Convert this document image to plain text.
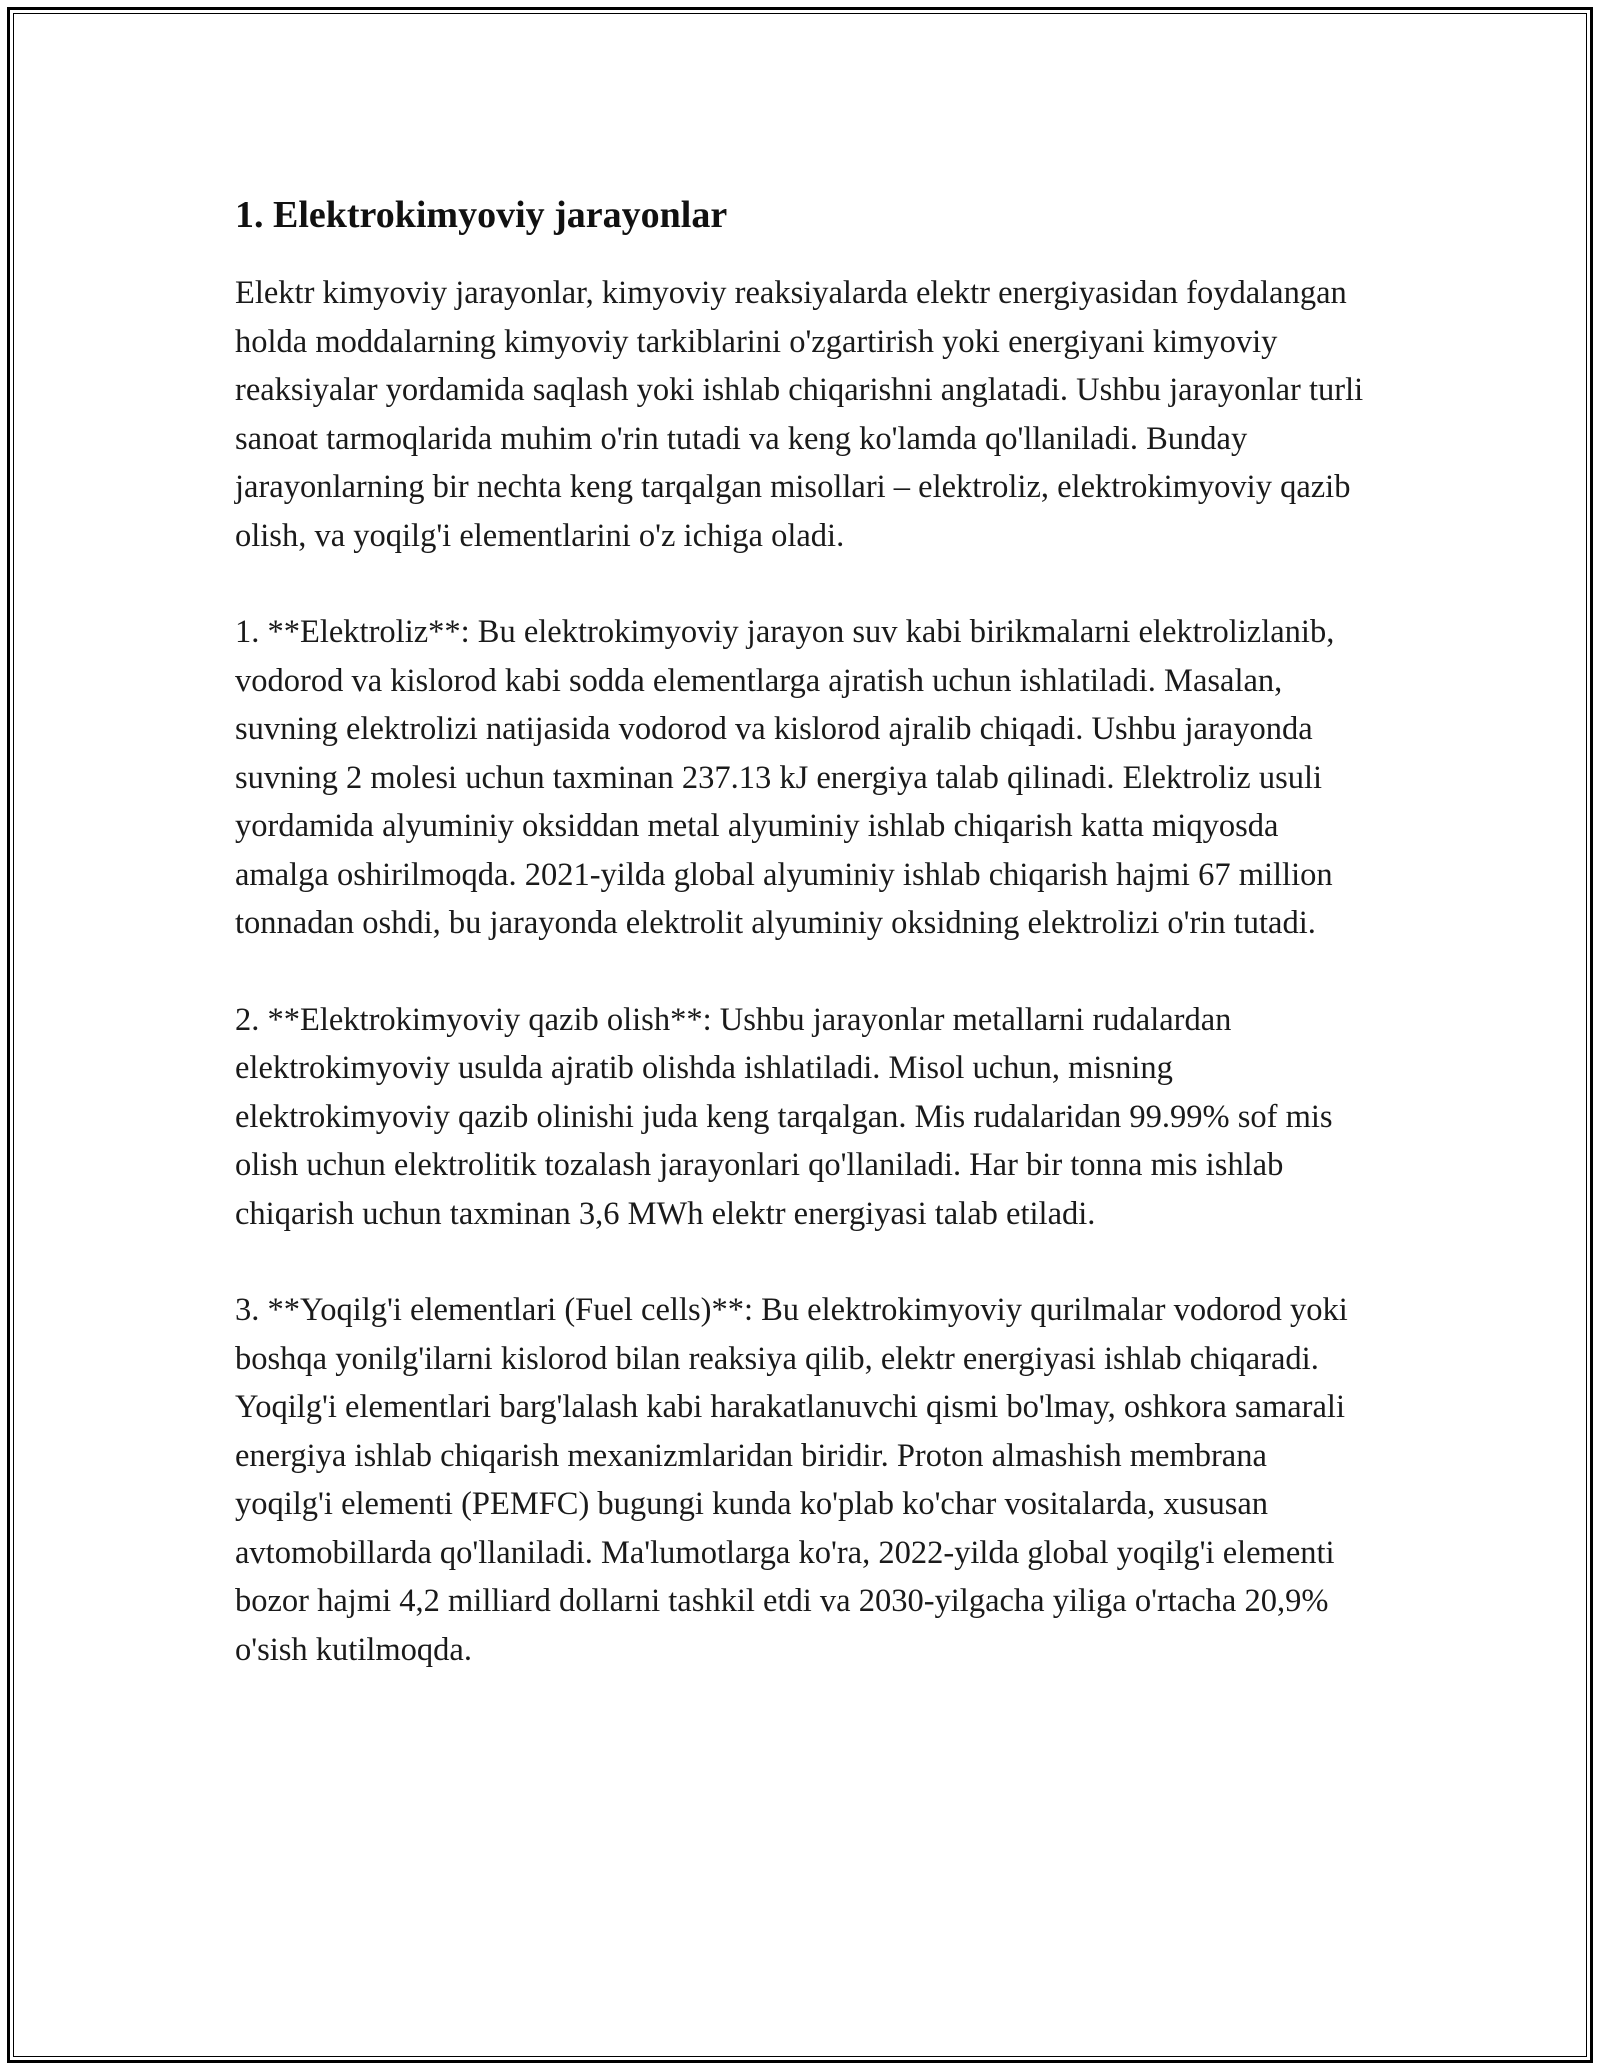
1. Elektrokimyoviy jarayonlar

Elektr kimyoviy jarayonlar, kimyoviy reaksiyalarda elektr energiyasidan foydalangan holda moddalarning kimyoviy tarkiblarini o'zgartirish yoki energiyani kimyoviy reaksiyalar yordamida saqlash yoki ishlab chiqarishni anglatadi. Ushbu jarayonlar turli sanoat tarmoqlarida muhim o'rin tutadi va keng ko'lamda qo'llaniladi. Bunday jarayonlarning bir nechta keng tarqalgan misollari – elektroliz, elektrokimyoviy qazib olish, va yoqilg'i elementlarini o'z ichiga oladi.

1. **Elektroliz**: Bu elektrokimyoviy jarayon suv kabi birikmalarni elektrolizlanib, vodorod va kislorod kabi sodda elementlarga ajratish uchun ishlatiladi. Masalan, suvning elektrolizi natijasida vodorod va kislorod ajralib chiqadi. Ushbu jarayonda suvning 2 molesi uchun taxminan 237.13 kJ energiya talab qilinadi. Elektroliz usuli yordamida alyuminiy oksiddan metal alyuminiy ishlab chiqarish katta miqyosda amalga oshirilmoqda. 2021-yilda global alyuminiy ishlab chiqarish hajmi 67 million tonnadan oshdi, bu jarayonda elektrolit alyuminiy oksidning elektrolizi o'rin tutadi.

2. **Elektrokimyoviy qazib olish**: Ushbu jarayonlar metallarni rudalardan elektrokimyoviy usulda ajratib olishda ishlatiladi. Misol uchun, misning elektrokimyoviy qazib olinishi juda keng tarqalgan. Mis rudalaridan 99.99% sof mis olish uchun elektrolitik tozalash jarayonlari qo'llaniladi. Har bir tonna mis ishlab chiqarish uchun taxminan 3,6 MWh elektr energiyasi talab etiladi.

3. **Yoqilg'i elementlari (Fuel cells)**: Bu elektrokimyoviy qurilmalar vodorod yoki boshqa yonilg'ilarni kislorod bilan reaksiya qilib, elektr energiyasi ishlab chiqaradi. Yoqilg'i elementlari barg'lalash kabi harakatlanuvchi qismi bo'lmay, oshkora samarali energiya ishlab chiqarish mexanizmlaridan biridir. Proton almashish membrana yoqilg'i elementi (PEMFC) bugungi kunda ko'plab ko'char vositalarda, xususan avtomobillarda qo'llaniladi. Ma'lumotlarga ko'ra, 2022-yilda global yoqilg'i elementi bozor hajmi 4,2 milliard dollarni tashkil etdi va 2030-yilgacha yiliga o'rtacha 20,9% o'sish kutilmoqda.
